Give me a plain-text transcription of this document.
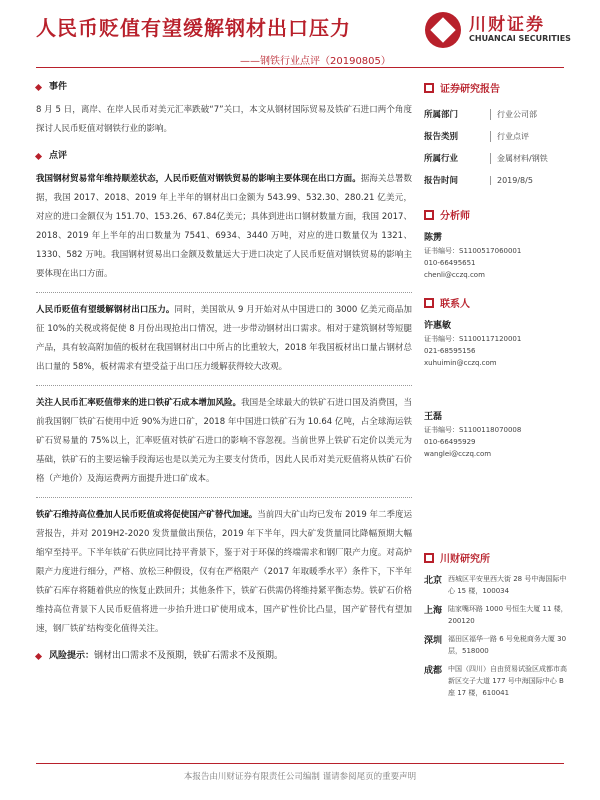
人民币贬值有望缓解钢材出口压力
——钢铁行业点评（20190805）
川财证券
CHUANCAI SECURITIES
事件
8 月 5 日，离岸、在岸人民币对美元汇率跌破“7”关口，本文从钢材国际贸易及铁矿石进口两个角度探讨人民币贬值对钢铁行业的影响。
点评
我国钢材贸易常年维持顺差状态，人民币贬值对钢铁贸易的影响主要体现在出口方面。据海关总署数据，我国 2017、2018、2019 年上半年的钢材出口金额为 543.99、532.30、280.21 亿美元，对应的进口金额仅为 151.70、153.26、67.84亿美元；具体到进出口钢材数量方面，我国 2017、2018、2019 年上半年的出口数量为 7541、6934、3440 万吨，对应的进口数量仅为 1321、1330、582 万吨。我国钢材贸易出口金额及数量远大于进口决定了人民币贬值对钢铁贸易的影响主要体现在出口方面。
人民币贬值有望缓解钢材出口压力。同时，美国欲从 9 月开始对从中国进口的 3000 亿美元商品加征 10%的关税或将促使 8 月份出现抢出口情况，进一步带动钢材出口需求。相对于建筑钢材等短腿产品，具有较高附加值的板材在我国钢材出口中所占的比重较大，2018 年我国板材出口量占钢材总出口量的 58%，板材需求有望受益于出口压力缓解获得较大改观。
关注人民币汇率贬值带来的进口铁矿石成本增加风险。我国是全球最大的铁矿石进口国及消费国，当前我国钢厂铁矿石使用中近 90%为进口矿，2018 年中国进口铁矿石为 10.64 亿吨，占全球海运铁矿石贸易量的 75%以上，汇率贬值对铁矿石进口的影响不容忽视。当前世界上铁矿石定价以美元为基础，铁矿石的主要运输手段海运也是以美元为主要支付货币，因此人民币对美元贬值将从铁矿石价格（产地价）及海运费两方面提升进口矿成本。
铁矿石维持高位叠加人民币贬值或将促使国产矿替代加速。当前四大矿山均已发布 2019 年二季度运营报告，并对 2019H2-2020 发货量做出预估，2019 年下半年，四大矿发货量同比降幅预期大幅缩窄至持平。下半年铁矿石供应同比持平背景下，鉴于对于环保的终端需求和钢厂限产力度。对高炉限产力度进行细分，严格、放松三种假设，仅有在严格限产（2017 年取暖季水平）条件下，下半年铁矿石库存将随着供应的恢复止跌回升；其他条件下，铁矿石供需仍将维持紧平衡态势。铁矿石价格维持高位背景下人民币贬值将进一步抬升进口矿使用成本，国产矿性价比凸显，国产矿替代有望加速，钢厂铁矿结构变化值得关注。
风险提示： 钢材出口需求不及预期，铁矿石需求不及预期。
证券研究报告
所属部门	行业公司部
报告类别	行业点评
所属行业	金属材料/钢铁
报告时间	2019/8/5
分析师
陈雳
证书编号：S1100517060001
010-66495651
chenli@cczq.com
联系人
许惠敏
证书编号：S1100117120001
021-68595156
xuhuimin@cczq.com
王磊
证书编号：S1100118070008
010-66495929
wanglei@cczq.com
川财研究所
北京 西城区平安里西大街 28 号中海国际中心 15 楼，100034
上海 陆家嘴环路 1000 号恒生大厦 11 楼，200120
深圳 福田区福华一路 6 号免税商务大厦 30 层，518000
成都 中国（四川）自由贸易试验区成都市高新区交子大道 177 号中海国际中心 B 座 17 楼，610041
本报告由川财证券有限责任公司编制 谨请参阅尾页的重要声明
